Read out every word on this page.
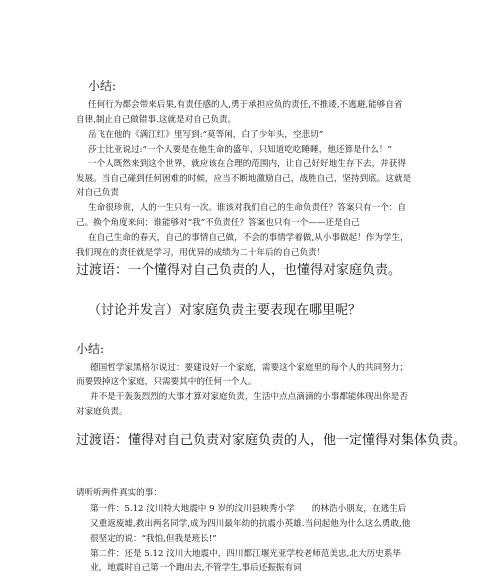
小结:
任何行为都会带来后果,有责任感的人,勇于承担应负的责任,不推诿,不逃避,能够自省
自律,制止自己做错事.这就是对自己负责。
岳飞在他的《满江红》里写到:“莫等闲，白了少年头，空悲切”
莎士比亚说过:“一个人要是在他生命的盛年，只知道吃吃睡睡，他还算是什么！”
一个人既然来到这个世界，就应该在合理的范围内，让自己好好地生存下去，并获得
发展。当自己碰到任何困难的时候，应当不断地激励自己，战胜自己，坚持到底。这就是
对自己负责
生命很珍贵，人的一生只有一次。谁该对我们自己的生命负责任？答案只有一个：自
己。换个角度来问：谁能够对“我”不负责任？答案也只有一个——还是自己
在自己生命的春天，自己的事情自己做，不会的事情学着做,从小事做起！作为学生，
我们现在的责任就是学习，用优异的成绩为二十年后的自己负责！
过渡语：一个懂得对自己负责的人，也懂得对家庭负责。
（讨论并发言）对家庭负责主要表现在哪里呢？
小结:
德国哲学家黑格尔说过：要建设好一个家庭，需要这个家庭里的每个人的共同努力；
而要毁掉这个家庭，只需要其中的任何一个人。
并不是干轰轰烈烈的大事才算对家庭负责，生活中点点滴滴的小事都能体现出你是否
对家庭负责。
过渡语：懂得对自己负责对家庭负责的人，他一定懂得对集体负责。
请听听两件真实的事：
第一件：5.12 汶川特大地震中 9 岁的汶川县映秀小学　　的林浩小朋友，在逃生后
又重返废墟,救出两名同学,成为四川最年幼的抗震小英雄.当问起他为什么这么勇敢,他
很坚定的说：“我怕,但我是班长!”
第二件：还是 5.12 汶川大地震中，四川都江堰光亚学校老师范美忠,北大历史系毕
业，地震时自己第一个跑出去,不管学生,事后还振振有词
